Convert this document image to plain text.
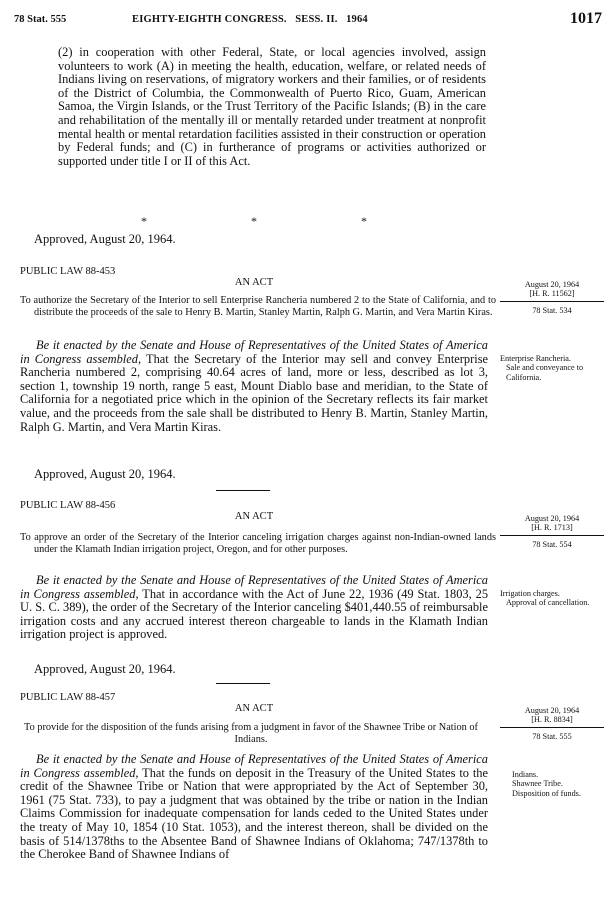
78 Stat. 555	EIGHTY-EIGHTH CONGRESS.   SESS. II.   1964	1017

(2) in cooperation with other Federal, State, or local agencies involved, assign volunteers to work (A) in meeting the health, education, welfare, or related needs of Indians living on reservations, of migratory workers and their families, or of residents of the District of Columbia, the Commonwealth of Puerto Rico, Guam, American Samoa, the Virgin Islands, or the Trust Territory of the Pacific Islands; (B) in the care and rehabilitation of the mentally ill or mentally retarded under treatment at nonprofit mental health or mental retardation facilities assisted in their construction or operation by Federal funds; and (C) in furtherance of programs or activities authorized or supported under title I or II of this Act.

*	*	*

Approved, August 20, 1964.

PUBLIC LAW 88-453
AN ACT
To authorize the Secretary of the Interior to sell Enterprise Rancheria numbered 2 to the State of California, and to distribute the proceeds of the sale to Henry B. Martin, Stanley Martin, Ralph G. Martin, and Vera Martin Kiras.

Be it enacted by the Senate and House of Representatives of the United States of America in Congress assembled, That the Secretary of the Interior may sell and convey Enterprise Rancheria numbered 2, comprising 40.64 acres of land, more or less, described as lot 3, section 1, township 19 north, range 5 east, Mount Diablo base and meridian, to the State of California for a negotiated price which in the opinion of the Secretary reflects its fair market value, and the proceeds from the sale shall be distributed to Henry B. Martin, Stanley Martin, Ralph G. Martin, and Vera Martin Kiras.

Approved, August 20, 1964.

August 20, 1964
[H. R. 11562]
78 Stat. 534
Enterprise Rancheria.
Sale and conveyance to California.
PUBLIC LAW 88-456
AN ACT
To approve an order of the Secretary of the Interior canceling irrigation charges against non-Indian-owned lands under the Klamath Indian irrigation project, Oregon, and for other purposes.

Be it enacted by the Senate and House of Representatives of the United States of America in Congress assembled, That in accordance with the Act of June 22, 1936 (49 Stat. 1803, 25 U. S. C. 389), the order of the Secretary of the Interior canceling $401,440.55 of reimbursable irrigation costs and any accrued interest thereon chargeable to lands in the Klamath Indian irrigation project is approved.

Approved, August 20, 1964.

August 20, 1964
[H. R. 1713]
78 Stat. 554
Irrigation charges.
Approval of cancellation.
PUBLIC LAW 88-457
AN ACT
To provide for the disposition of the funds arising from a judgment in favor of the Shawnee Tribe or Nation of Indians.

Be it enacted by the Senate and House of Representatives of the United States of America in Congress assembled, That the funds on deposit in the Treasury of the United States to the credit of the Shawnee Tribe or Nation that were appropriated by the Act of September 30, 1961 (75 Stat. 733), to pay a judgment that was obtained by the tribe or nation in the Indian Claims Commission for inadequate compensation for lands ceded to the United States under the treaty of May 10, 1854 (10 Stat. 1053), and the interest thereon, shall be divided on the basis of 514/1378ths to the Absentee Band of Shawnee Indians of Oklahoma; 747/1378th to the Cherokee Band of Shawnee Indians of

August 20, 1964
[H. R. 8834]
78 Stat. 555
Indians.
Shawnee Tribe.
Disposition of funds.
